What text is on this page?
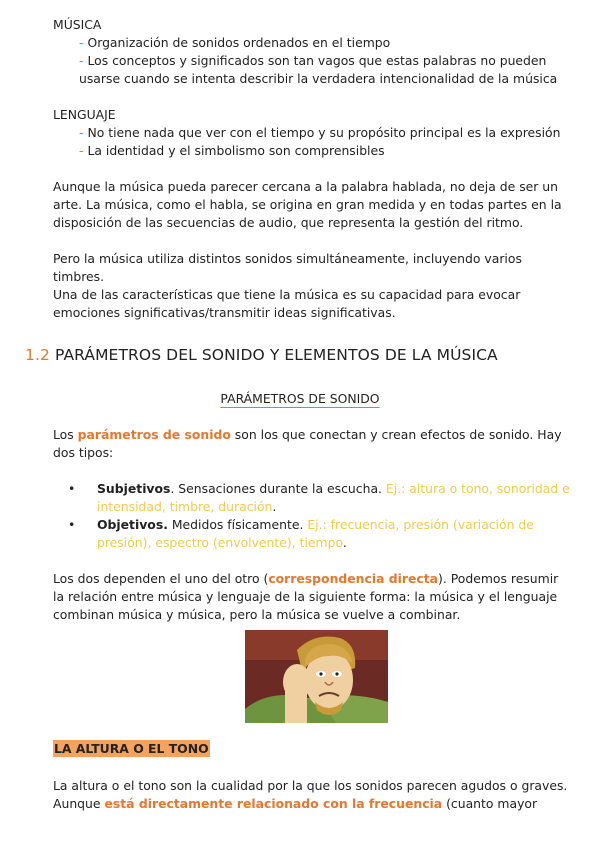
MÚSICA
- Organización de sonidos ordenados en el tiempo
- Los conceptos y significados son tan vagos que estas palabras no pueden usarse cuando se intenta describir la verdadera intencionalidad de la música
LENGUAJE
- No tiene nada que ver con el tiempo y su propósito principal es la expresión
- La identidad y el simbolismo son comprensibles
Aunque la música pueda parecer cercana a la palabra hablada, no deja de ser un arte. La música, como el habla, se origina en gran medida y en todas partes en la disposición de las secuencias de audio, que representa la gestión del ritmo.
Pero la música utiliza distintos sonidos simultáneamente, incluyendo varios timbres.
Una de las características que tiene la música es su capacidad para evocar emociones significativas/transmitir ideas significativas.
1.2 PARÁMETROS DEL SONIDO Y ELEMENTOS DE LA MÚSICA
PARÁMETROS DE SONIDO
Los parámetros de sonido son los que conectan y crean efectos de sonido. Hay dos tipos:
•	Subjetivos. Sensaciones durante la escucha. Ej.: altura o tono, sonoridad e intensidad, timbre, duración.
•	Objetivos. Medidos físicamente. Ej.: frecuencia, presión (variación de presión), espectro (envolvente), tiempo.
Los dos dependen el uno del otro (correspondencia directa). Podemos resumir la relación entre música y lenguaje de la siguiente forma: la música y el lenguaje combinan música y música, pero la música se vuelve a combinar.
LA ALTURA O EL TONO
La altura o el tono son la cualidad por la que los sonidos parecen agudos o graves. Aunque está directamente relacionado con la frecuencia (cuanto mayor
